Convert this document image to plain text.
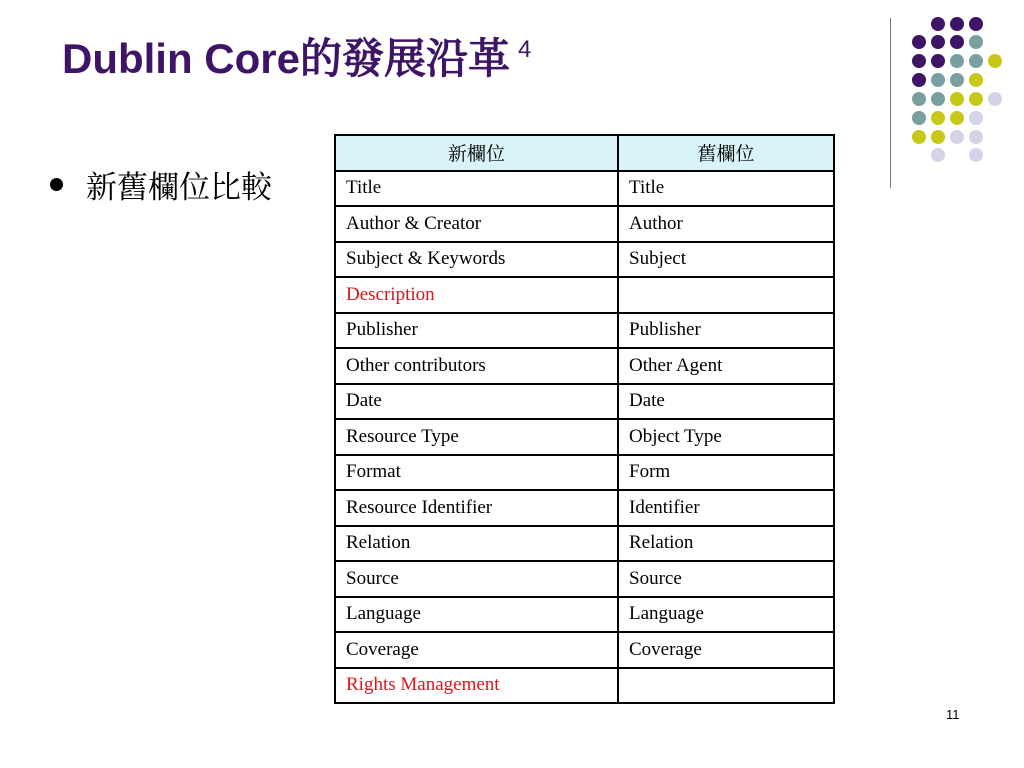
Dublin Core的發展沿革 $^4$
新舊欄位比較
新欄位	舊欄位
Title	Title
Author & Creator	Author
Subject & Keywords	Subject
Description	
Publisher	Publisher
Other contributors	Other Agent
Date	Date
Resource Type	Object Type
Format	Form
Resource Identifier	Identifier
Relation	Relation
Source	Source
Language	Language
Coverage	Coverage
Rights Management	
11
